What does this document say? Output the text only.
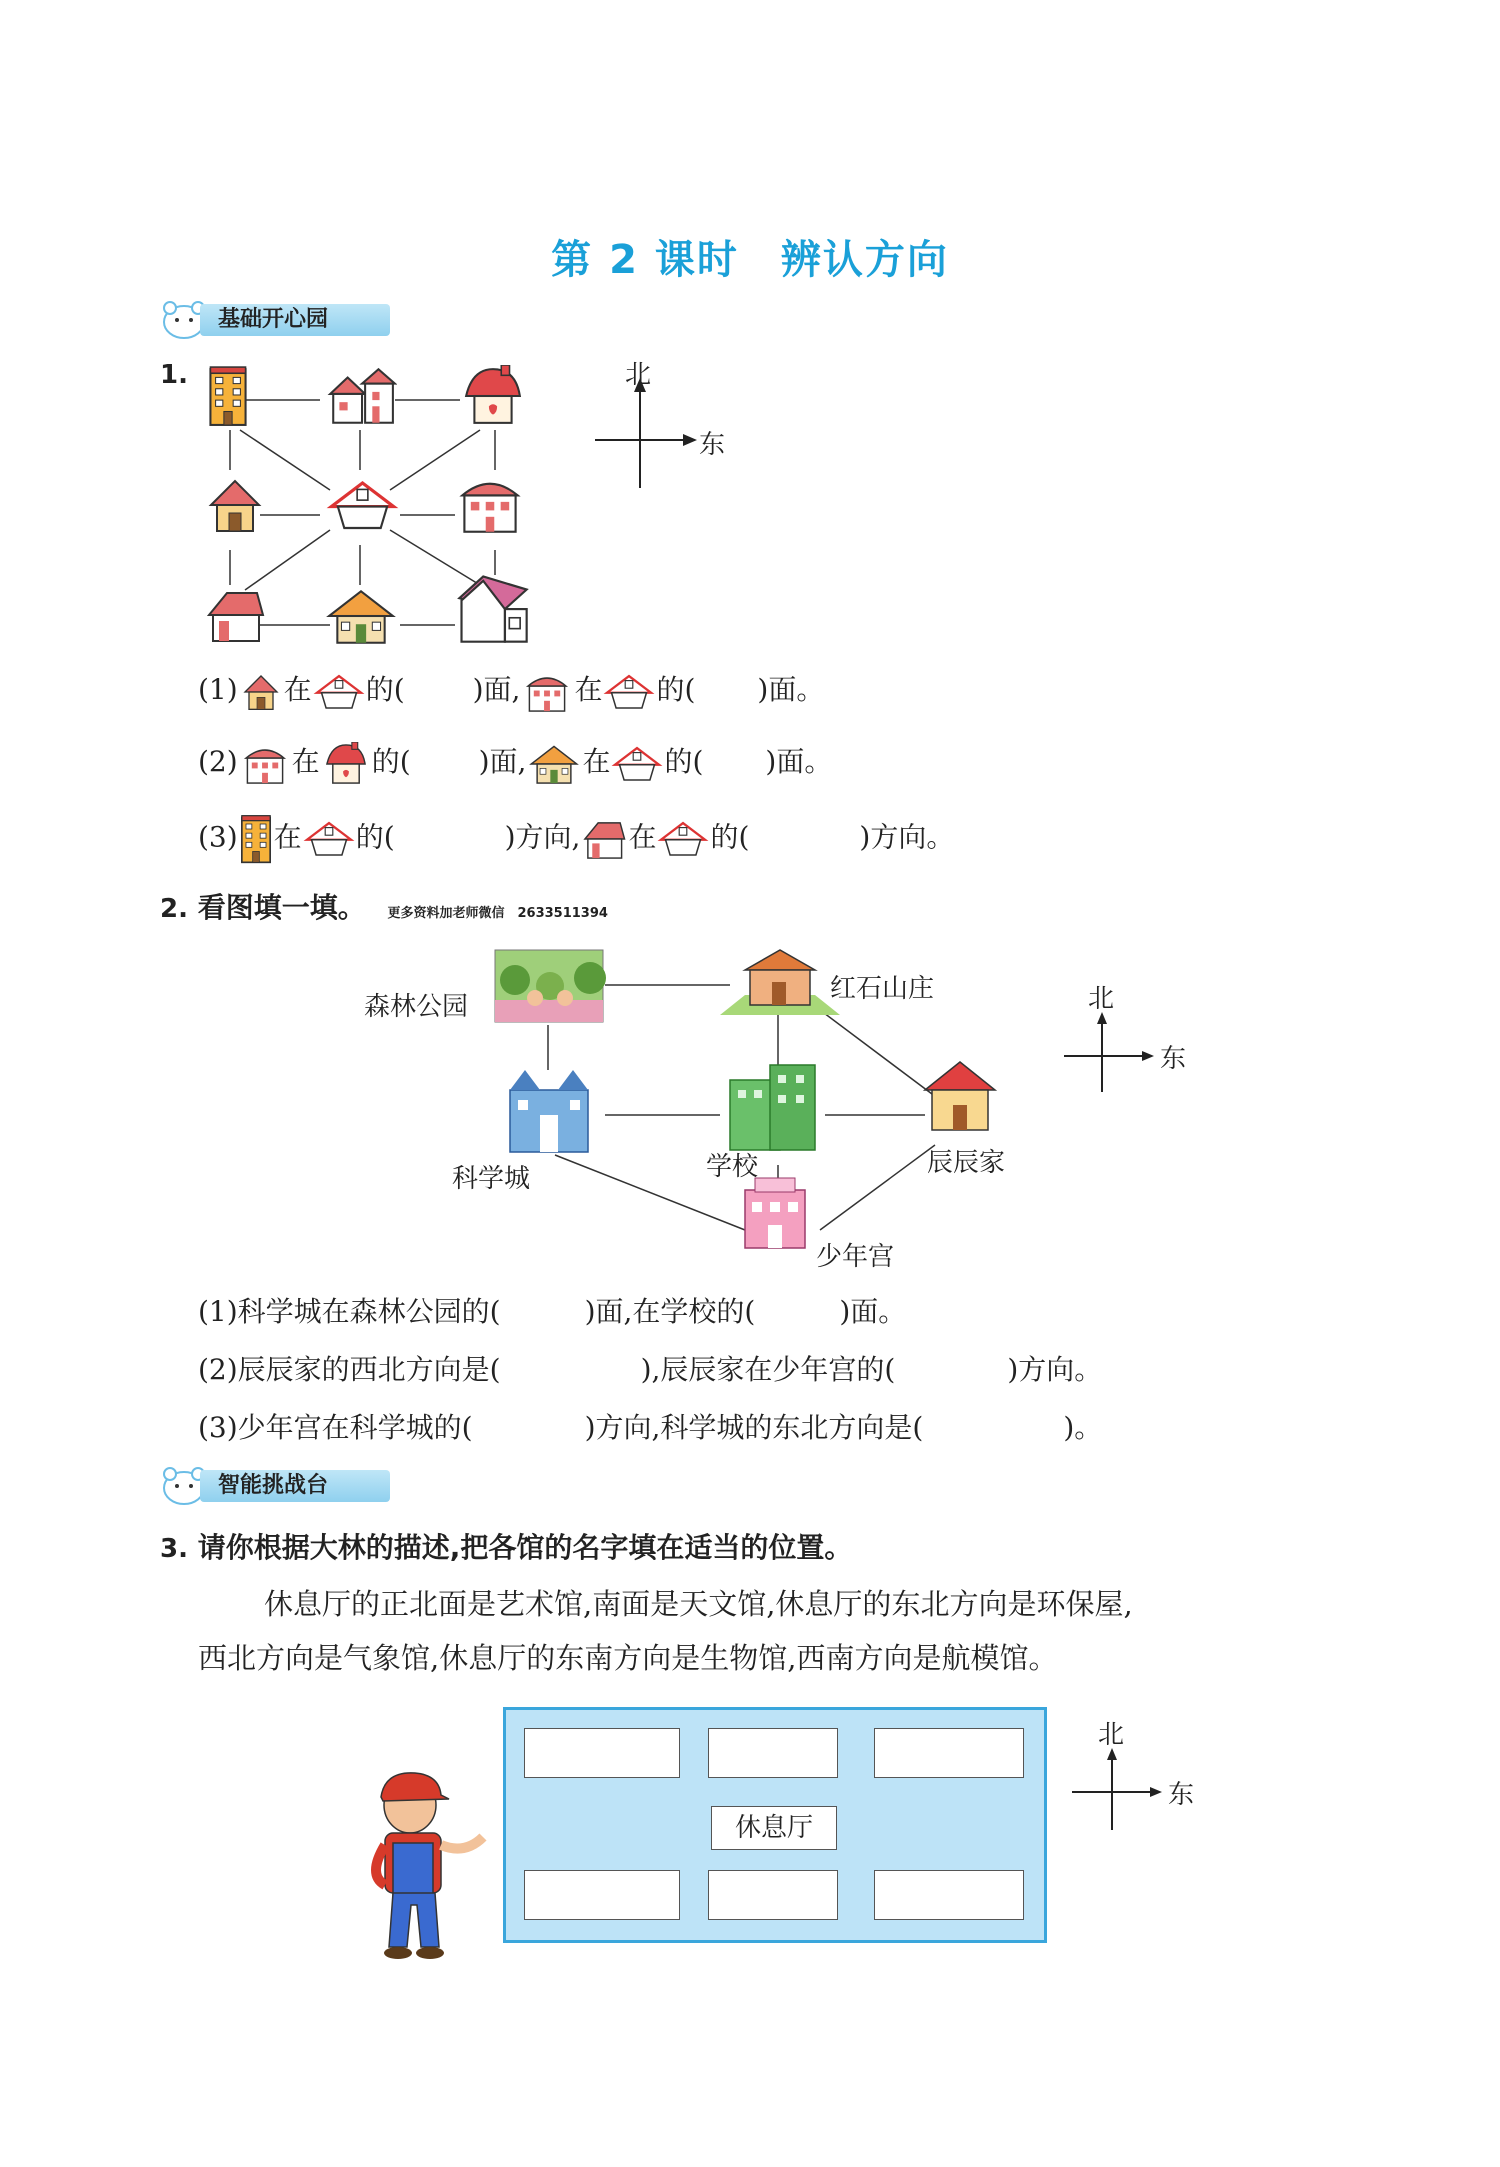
第 2 课时　辨认方向
基础开心园
1.	北
东
(1) 在 的( )面, 在 的( )面。
(2) 在 的( )面, 在 的( )面。
(3) 在 的(	)方向, 在 的(	)方向。
2. 看图填一填。 更多资料加老师微信　2633511394
森林公园
红石山庄
科学城	学校	辰辰家
少年宫
北
东
(1)科学城在森林公园的(　　　)面,在学校的(　　　)面。
(2)辰辰家的西北方向是(　　　　　),辰辰家在少年宫的(　　　　)方向。
(3)少年宫在科学城的(　　　　)方向,科学城的东北方向是(　　　　　)。
智能挑战台
3. 请你根据大林的描述,把各馆的名字填在适当的位置。
休息厅的正北面是艺术馆,南面是天文馆,休息厅的东北方向是环保屋,
西北方向是气象馆,休息厅的东南方向是生物馆,西南方向是航模馆。
休息厅
北
东
